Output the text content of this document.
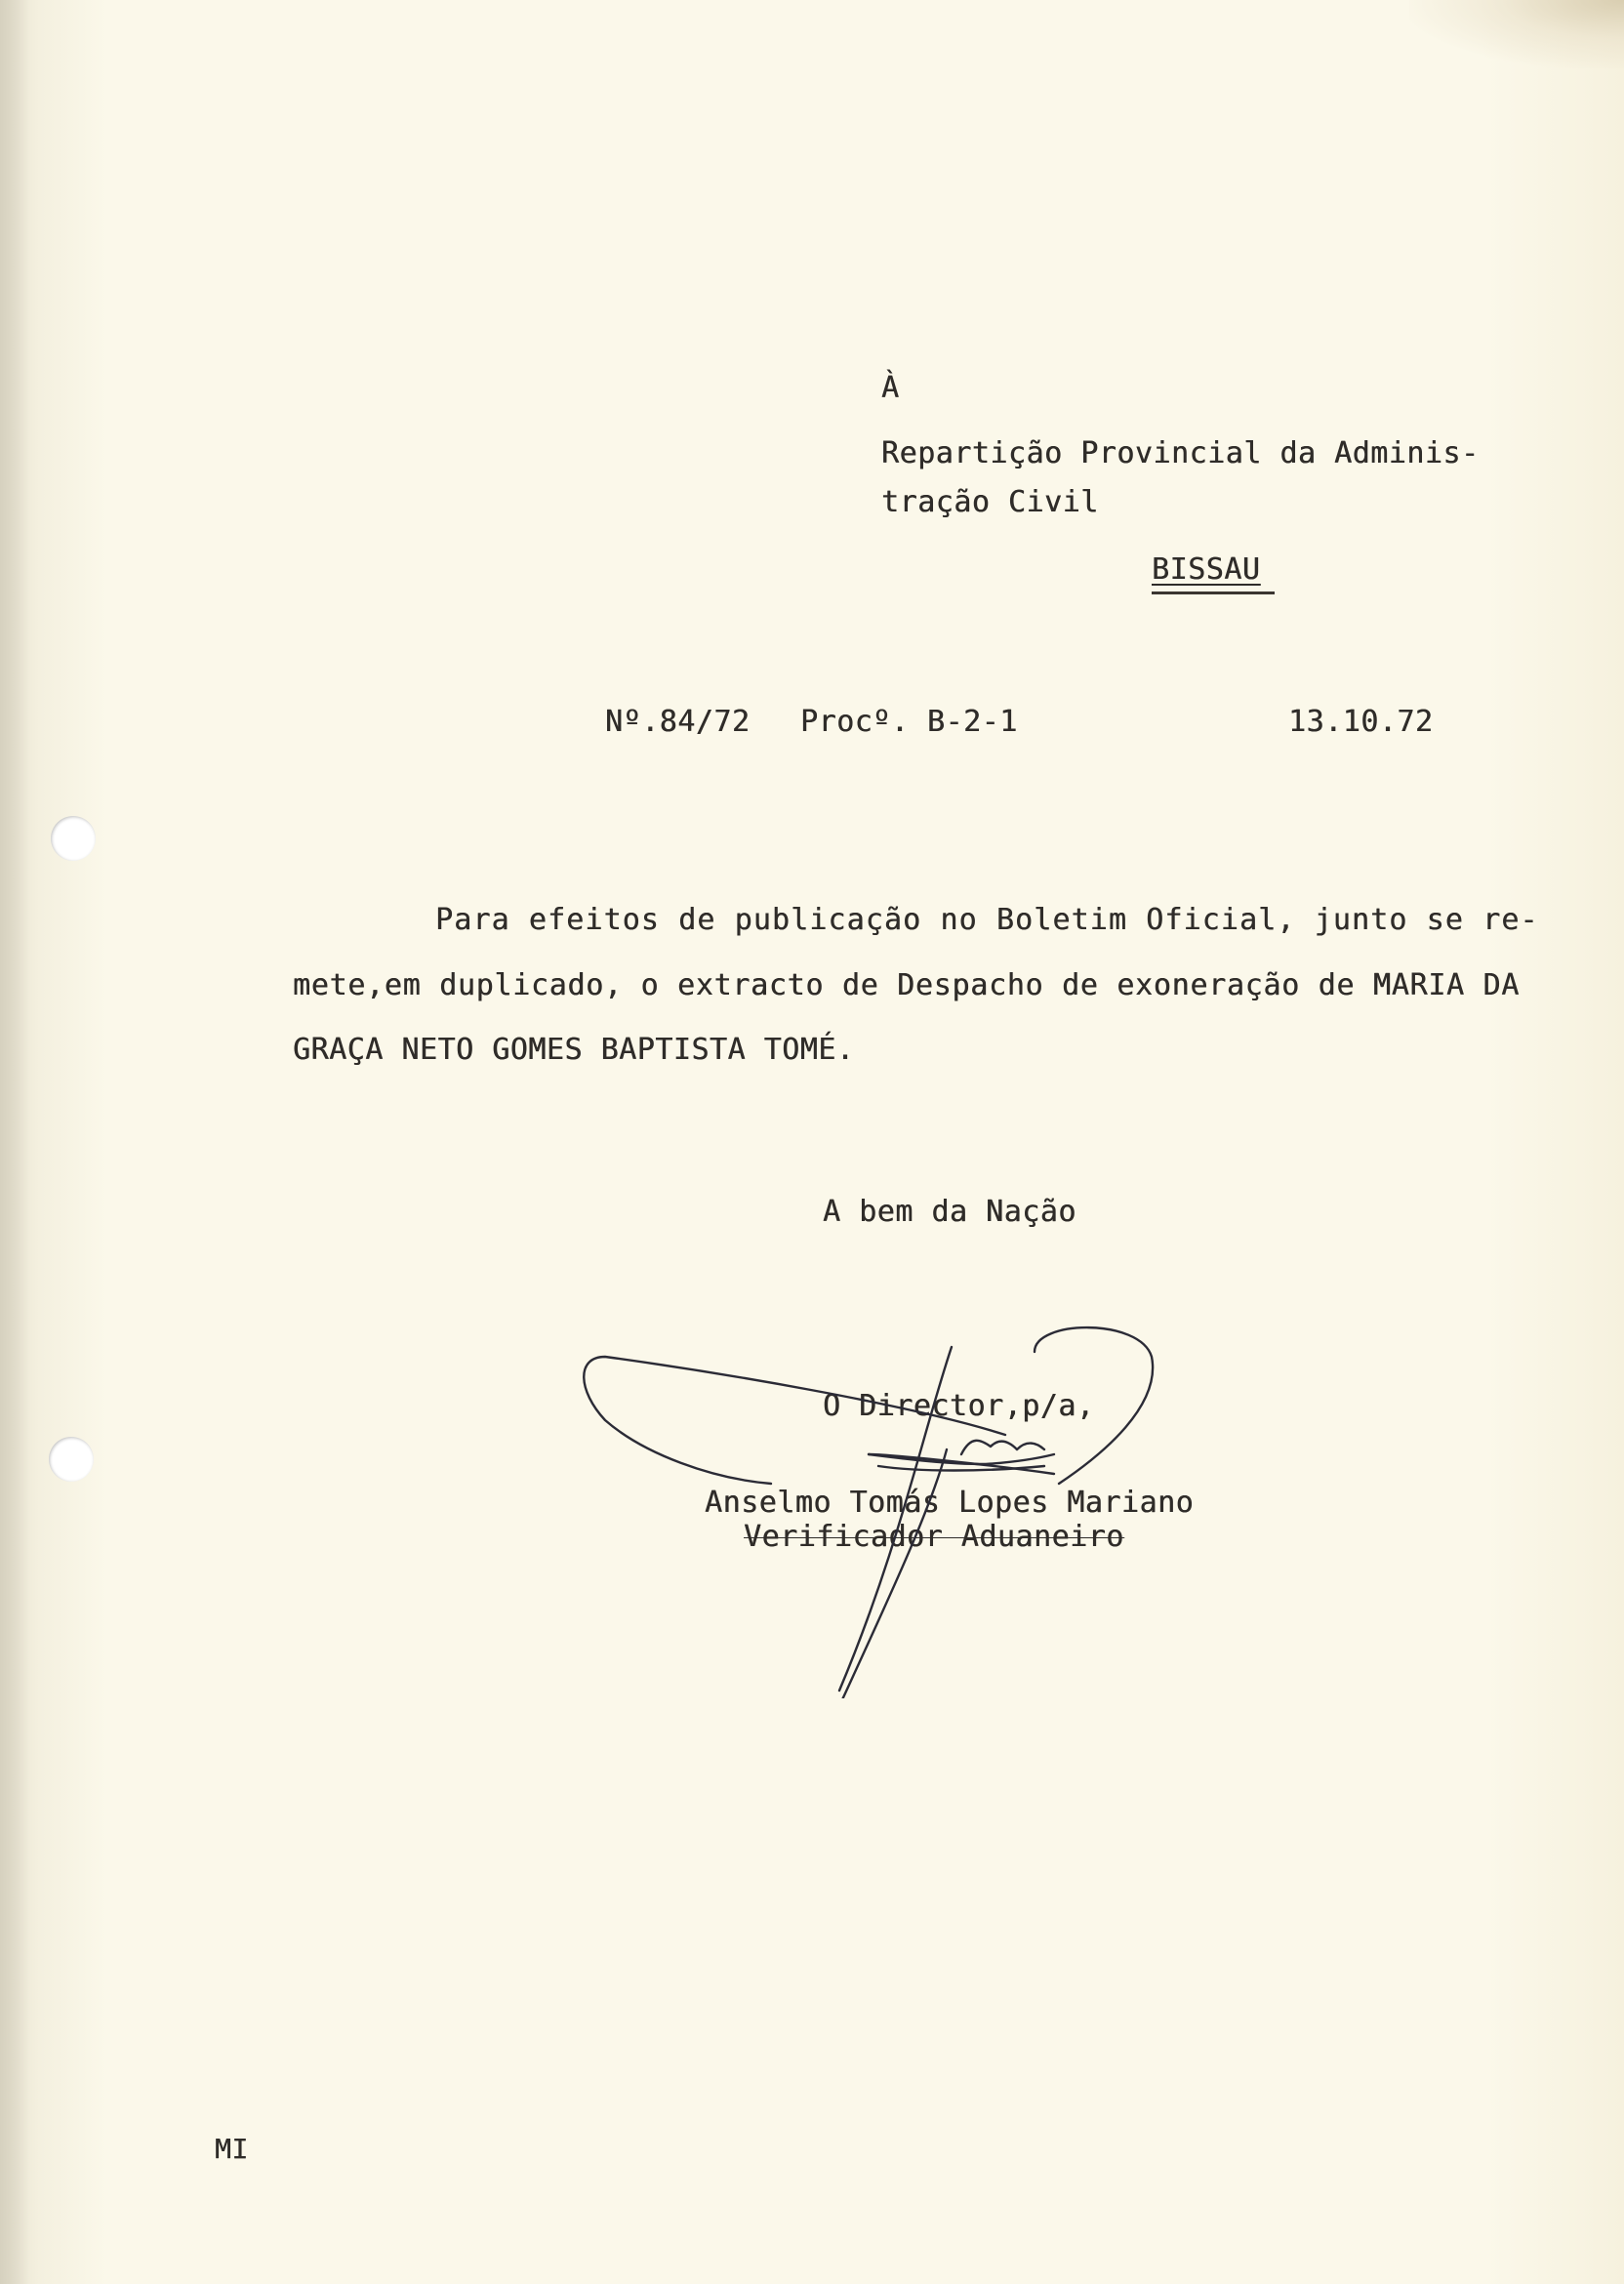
À
Repartição Provincial da Adminis-
tração Civil
BISSAU
Nº.84/72 Procº. B-2-1	13.10.72
Para efeitos de publicação no Boletim Oficial, junto se re-
mete,em duplicado, o extracto de Despacho de exoneração de MARIA DA
GRAÇA NETO GOMES BAPTISTA TOMÉ.
A bem da Nação
O Director,p/a,
Anselmo Tomás Lopes Mariano
Verificador Aduaneiro
MI
